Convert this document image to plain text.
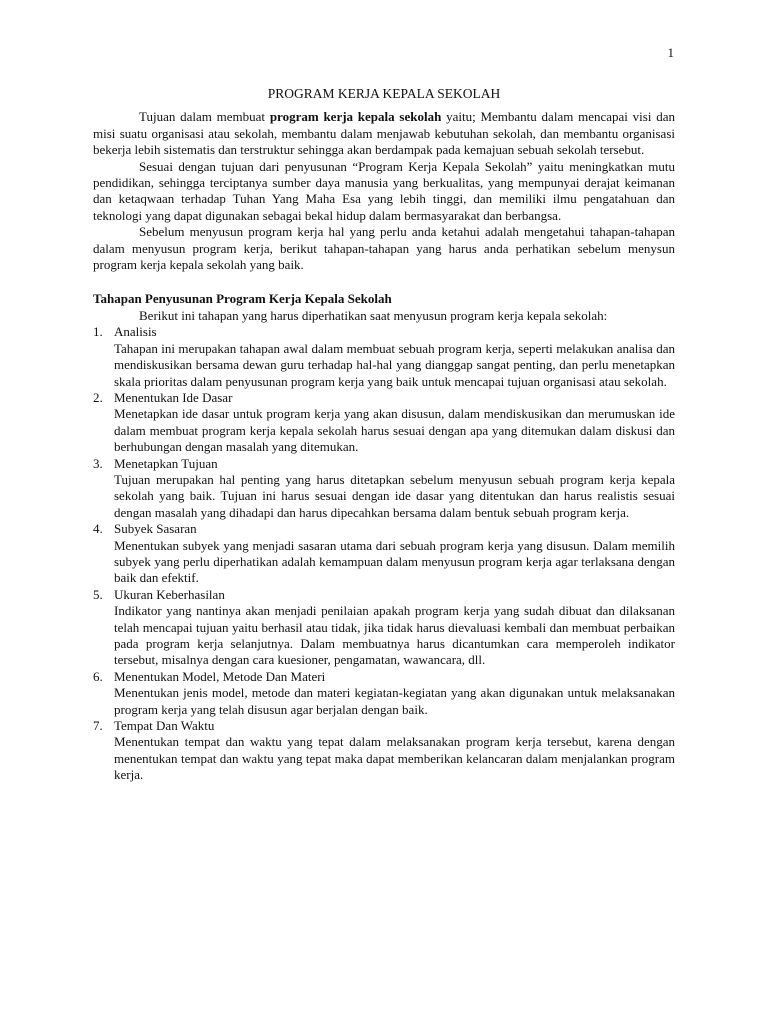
1
PROGRAM KERJA KEPALA SEKOLAH

Tujuan dalam membuat program kerja kepala sekolah yaitu; Membantu dalam mencapai visi dan misi suatu organisasi atau sekolah, membantu dalam menjawab kebutuhan sekolah, dan membantu organisasi bekerja lebih sistematis dan terstruktur sehingga akan berdampak pada kemajuan sebuah sekolah tersebut.

Sesuai dengan tujuan dari penyusunan “Program Kerja Kepala Sekolah” yaitu meningkatkan mutu pendidikan, sehingga terciptanya sumber daya manusia yang berkualitas, yang mempunyai derajat keimanan dan ketaqwaan terhadap Tuhan Yang Maha Esa yang lebih tinggi, dan memiliki ilmu pengatahuan dan teknologi yang dapat digunakan sebagai bekal hidup dalam bermasyarakat dan berbangsa.

Sebelum menyusun program kerja hal yang perlu anda ketahui adalah mengetahui tahapan-tahapan dalam menyusun program kerja, berikut tahapan-tahapan yang harus anda perhatikan sebelum menysun program kerja kepala sekolah yang baik.

Tahapan Penyusunan Program Kerja Kepala Sekolah

Berikut ini tahapan yang harus diperhatikan saat menyusun program kerja kepala sekolah:

1. Analisis
Tahapan ini merupakan tahapan awal dalam membuat sebuah program kerja, seperti melakukan analisa dan mendiskusikan bersama dewan guru terhadap hal-hal yang dianggap sangat penting, dan perlu menetapkan skala prioritas dalam penyusunan program kerja yang baik untuk mencapai tujuan organisasi atau sekolah.
2. Menentukan Ide Dasar
Menetapkan ide dasar untuk program kerja yang akan disusun, dalam mendiskusikan dan merumuskan ide dalam membuat program kerja kepala sekolah harus sesuai dengan apa yang ditemukan dalam diskusi dan berhubungan dengan masalah yang ditemukan.
3. Menetapkan Tujuan
Tujuan merupakan hal penting yang harus ditetapkan sebelum menyusun sebuah program kerja kepala sekolah yang baik. Tujuan ini harus sesuai dengan ide dasar yang ditentukan dan harus realistis sesuai dengan masalah yang dihadapi dan harus dipecahkan bersama dalam bentuk sebuah program kerja.
4. Subyek Sasaran
Menentukan subyek yang menjadi sasaran utama dari sebuah program kerja yang disusun. Dalam memilih subyek yang perlu diperhatikan adalah kemampuan dalam menyusun program kerja agar terlaksana dengan baik dan efektif.
5. Ukuran Keberhasilan
Indikator yang nantinya akan menjadi penilaian apakah program kerja yang sudah dibuat dan dilaksanan telah mencapai tujuan yaitu berhasil atau tidak, jika tidak harus dievaluasi kembali dan membuat perbaikan pada program kerja selanjutnya. Dalam membuatnya harus dicantumkan cara memperoleh indikator tersebut, misalnya dengan cara kuesioner, pengamatan, wawancara, dll.
6. Menentukan Model, Metode Dan Materi
Menentukan jenis model, metode dan materi kegiatan-kegiatan yang akan digunakan untuk melaksanakan program kerja yang telah disusun agar berjalan dengan baik.
7. Tempat Dan Waktu
Menentukan tempat dan waktu yang tepat dalam melaksanakan program kerja tersebut, karena dengan menentukan tempat dan waktu yang tepat maka dapat memberikan kelancaran dalam menjalankan program kerja.
